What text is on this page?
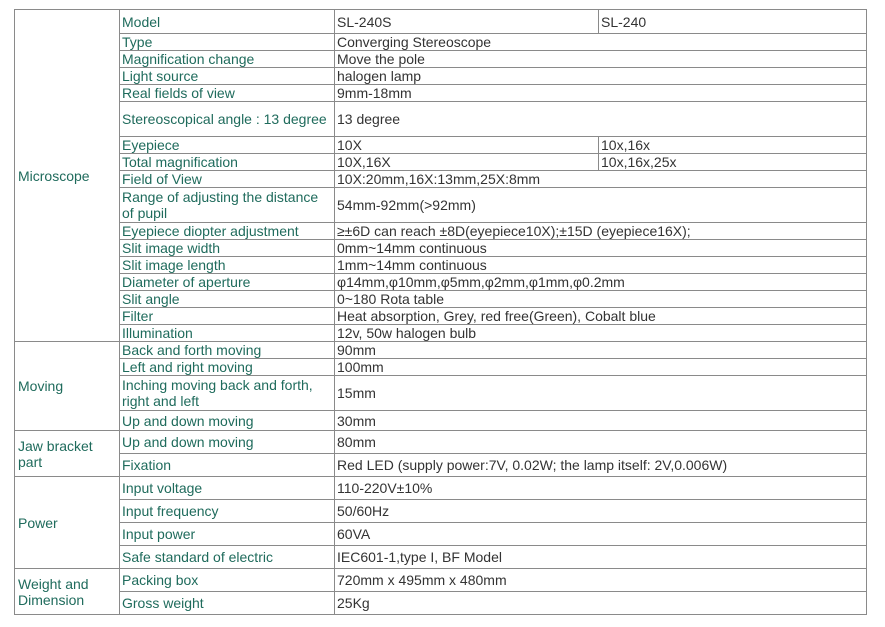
Microscope	Model	SL-240S	SL-240
	Type	Converging Stereoscope	
	Magnification change	Move the pole	
	Light source	halogen lamp	
	Real fields of view	9mm-18mm	
	Stereoscopical angle : 13 degree	13 degree	
	Eyepiece	10X	10x,16x
	Total magnification	10X,16X	10x,16x,25x
	Field of View	10X:20mm,16X:13mm,25X:8mm	
	Range of adjusting the distance of pupil	54mm-92mm(>92mm)	
	Eyepiece diopter adjustment	≥±6D can reach ±8D(eyepiece10X);±15D (eyepiece16X);	
	Slit image width	0mm~14mm continuous	
	Slit image length	1mm~14mm continuous	
	Diameter of aperture	φ14mm,φ10mm,φ5mm,φ2mm,φ1mm,φ0.2mm	
	Slit angle	0~180 Rota table	
	Filter	Heat absorption, Grey, red free(Green), Cobalt blue	
	Illumination	12v, 50w halogen bulb	
Moving	Back and forth moving	90mm	
	Left and right moving	100mm	
	Inching moving back and forth, right and left	15mm	
	Up and down moving	30mm	
Jaw bracket part	Up and down moving	80mm	
	Fixation	Red LED (supply power:7V, 0.02W; the lamp itself: 2V,0.006W)	
Power	Input voltage	110-220V±10%	
	Input frequency	50/60Hz	
	Input power	60VA	
	Safe standard of electric	IEC601-1,type I, BF Model	
Weight and Dimension	Packing box	720mm x 495mm x 480mm	
	Gross weight	25Kg	
